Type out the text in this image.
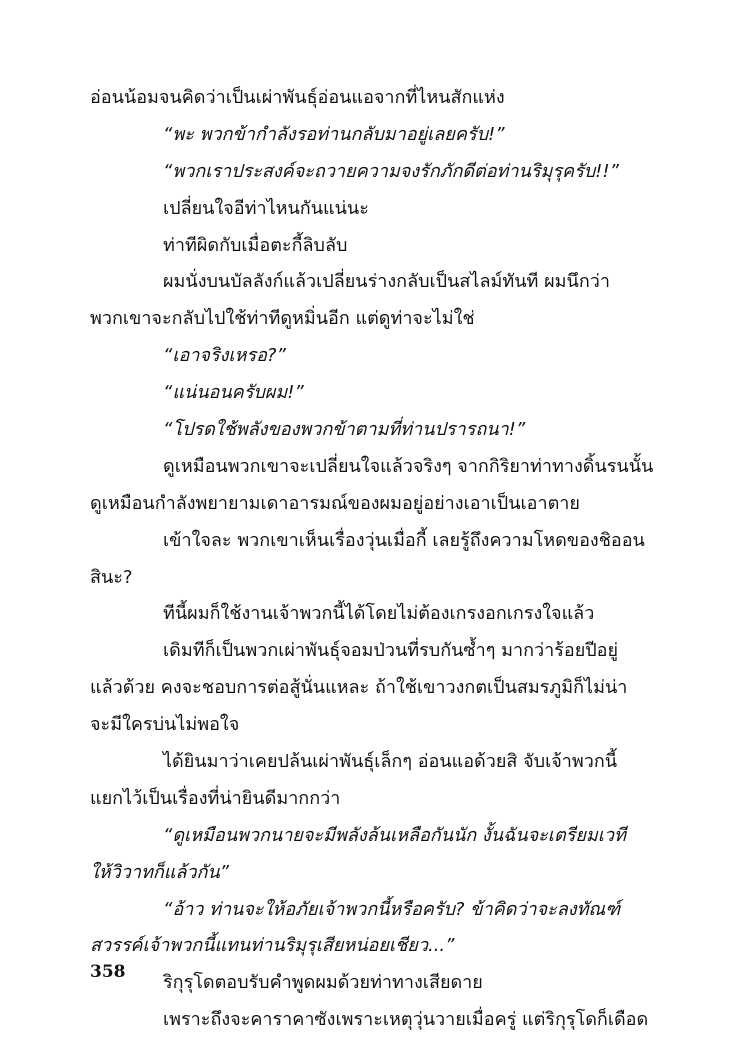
อ่อนน้อมจนคิดว่าเป็นเผ่าพันธุ์อ่อนแอจากที่ไหนสักแห่ง
“พะ พวกข้ากำลังรอท่านกลับมาอยู่เลยครับ!”
“พวกเราประสงค์จะถวายความจงรักภักดีต่อท่านริมุรุครับ!!”
เปลี่ยนใจอีท่าไหนกันแน่นะ
ท่าทีผิดกับเมื่อตะกี้ลิบลับ
ผมนั่งบนบัลลังก์แล้วเปลี่ยนร่างกลับเป็นสไลม์ทันที ผมนึกว่า
พวกเขาจะกลับไปใช้ท่าทีดูหมิ่นอีก แต่ดูท่าจะไม่ใช่
“เอาจริงเหรอ?”
“แน่นอนครับผม!”
“โปรดใช้พลังของพวกข้าตามที่ท่านปรารถนา!”
ดูเหมือนพวกเขาจะเปลี่ยนใจแล้วจริงๆ จากกิริยาท่าทางดิ้นรนนั้น
ดูเหมือนกำลังพยายามเดาอารมณ์ของผมอยู่อย่างเอาเป็นเอาตาย
เข้าใจละ พวกเขาเห็นเรื่องวุ่นเมื่อกี้ เลยรู้ถึงความโหดของชิออน
สินะ?
ทีนี้ผมก็ใช้งานเจ้าพวกนี้ได้โดยไม่ต้องเกรงอกเกรงใจแล้ว
เดิมทีก็เป็นพวกเผ่าพันธุ์จอมป่วนที่รบกันซ้ำๆ มากว่าร้อยปีอยู่
แล้วด้วย คงจะชอบการต่อสู้นั่นแหละ ถ้าใช้เขาวงกตเป็นสมรภูมิก็ไม่น่า
จะมีใครบ่นไม่พอใจ
ได้ยินมาว่าเคยปล้นเผ่าพันธุ์เล็กๆ อ่อนแอด้วยสิ จับเจ้าพวกนี้
แยกไว้เป็นเรื่องที่น่ายินดีมากกว่า
“ดูเหมือนพวกนายจะมีพลังล้นเหลือกันนัก งั้นฉันจะเตรียมเวที
ให้วิวาทก็แล้วกัน”
“อ้าว ท่านจะให้อภัยเจ้าพวกนี้หรือครับ? ข้าคิดว่าจะลงทัณฑ์
สวรรค์เจ้าพวกนี้แทนท่านริมุรุเสียหน่อยเชียว...”
ริกุรุโดตอบรับคำพูดผมด้วยท่าทางเสียดาย
เพราะถึงจะคาราคาซังเพราะเหตุวุ่นวายเมื่อครู่ แต่ริกุรุโดก็เดือด
358
